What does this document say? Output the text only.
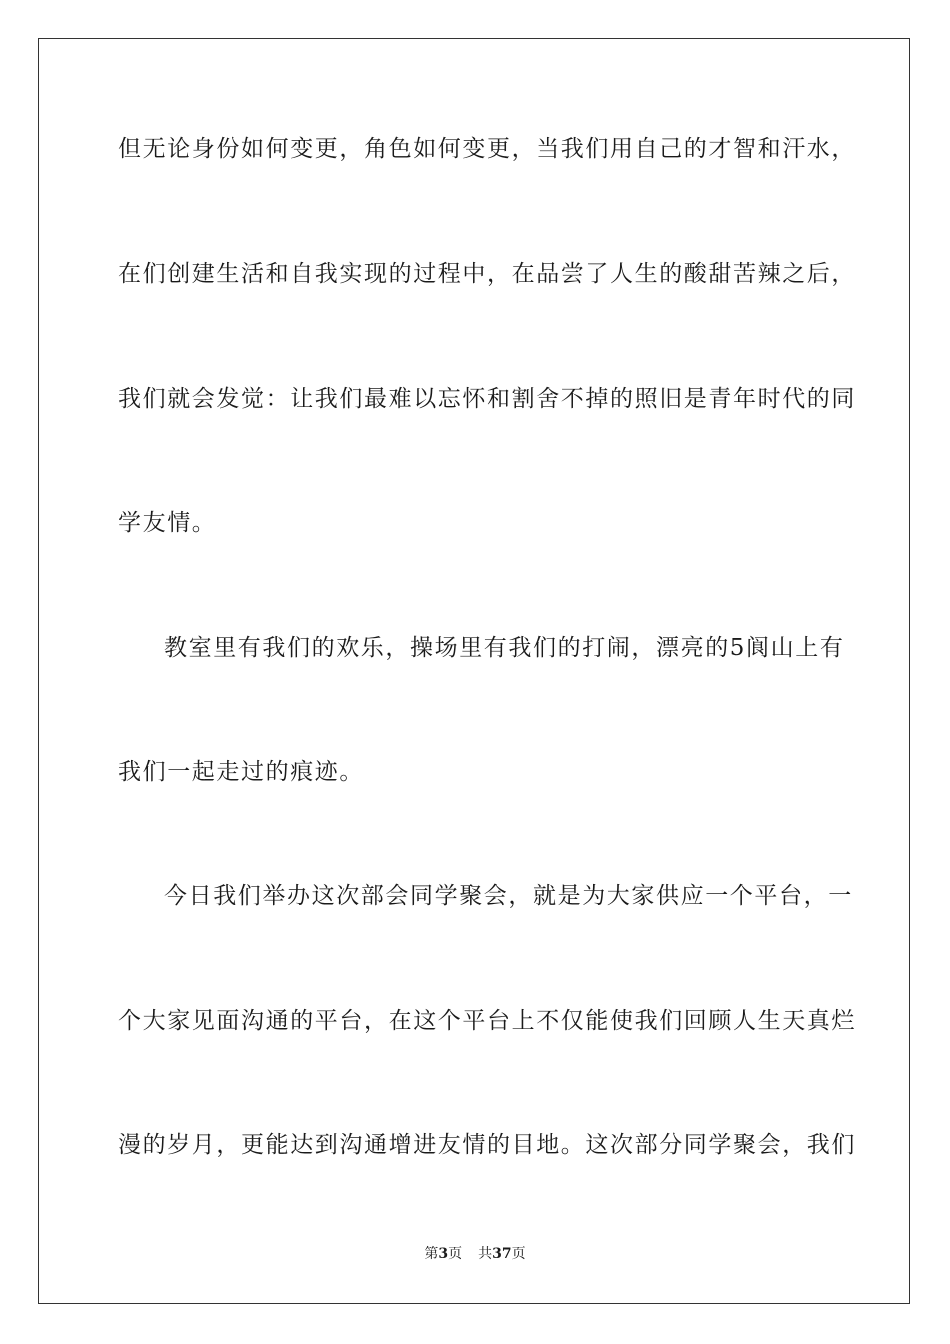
但无论身份如何变更，角色如何变更，当我们用自己的才智和汗水，
在们创建生活和自我实现的过程中，在品尝了人生的酸甜苦辣之后，
我们就会发觉：让我们最难以忘怀和割舍不掉的照旧是青年时代的同
学友情。
教室里有我们的欢乐，操场里有我们的打闹，漂亮的5阆山上有
我们一起走过的痕迹。
今日我们举办这次部会同学聚会，就是为大家供应一个平台，一
个大家见面沟通的平台，在这个平台上不仅能使我们回顾人生天真烂
漫的岁月，更能达到沟通增进友情的目地。这次部分同学聚会，我们
第3页 共37页
